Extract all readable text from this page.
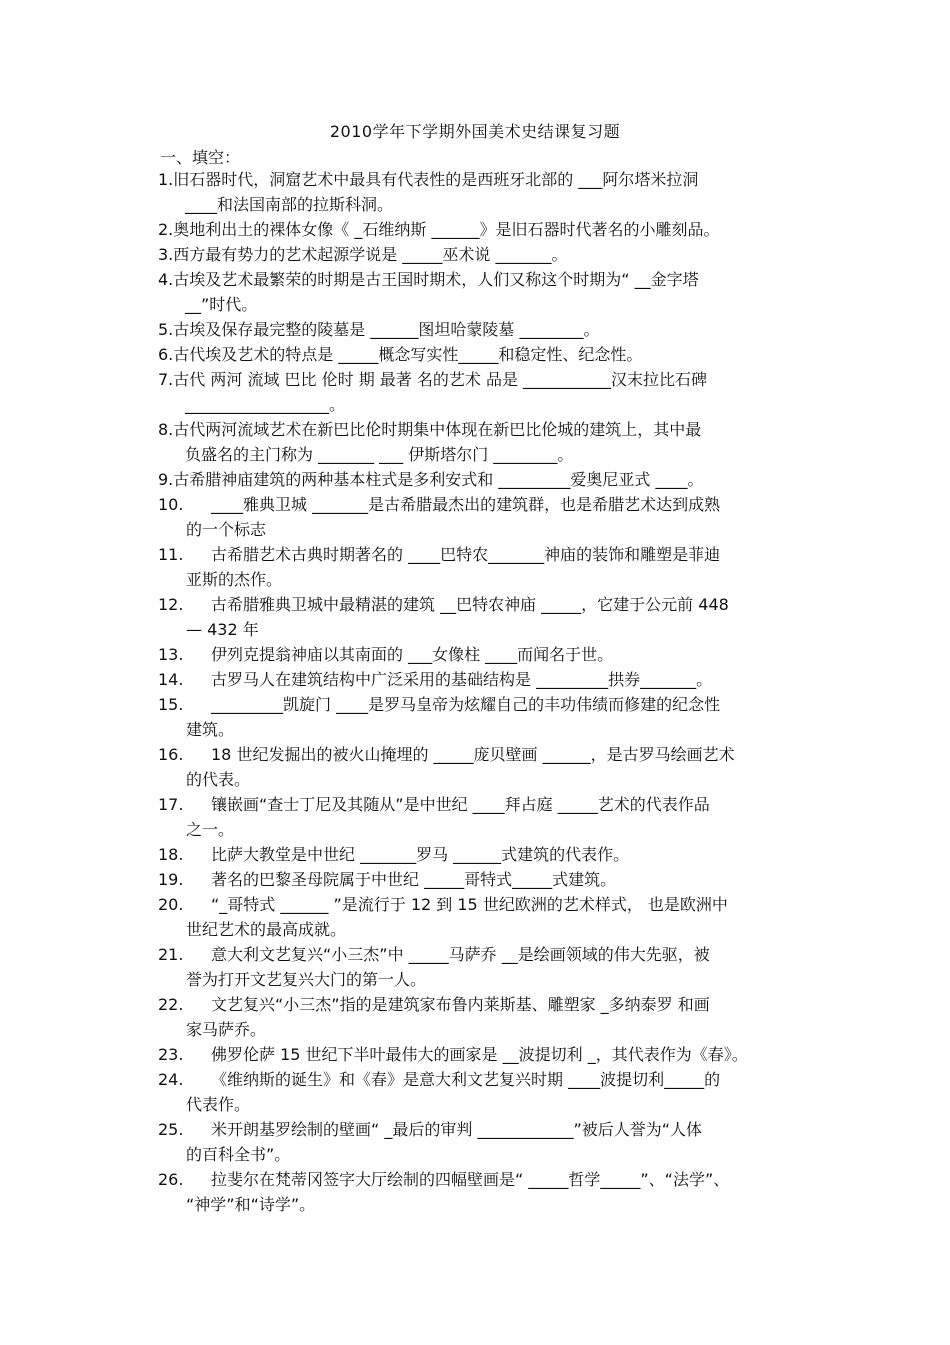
2010学年下学期外国美术史结课复习题
一、填空：
1.旧石器时代，洞窟艺术中最具有代表性的是西班牙北部的 ___阿尔塔米拉洞
____和法国南部的拉斯科洞。
2.奥地利出土的裸体女像《 _石维纳斯 ______》是旧石器时代著名的小雕刻品。
3.西方最有势力的艺术起源学说是 _____巫术说 _______。
4.古埃及艺术最繁荣的时期是古王国时期术，人们又称这个时期为“ __金字塔
__”时代。
5.古埃及保存最完整的陵墓是 ______图坦哈蒙陵墓 ________。
6.古代埃及艺术的特点是 _____概念写实性_____和稳定性、纪念性。
7.古代 两河 流域 巴比 伦时 期 最著 名的艺术 品是 ___________汉末拉比石碑
__________________。
8.古代两河流域艺术在新巴比伦时期集中体现在新巴比伦城的建筑上，其中最
负盛名的主门称为 _______ ___ 伊斯塔尔门 ________。
9.古希腊神庙建筑的两种基本柱式是多利安式和 _________爱奥尼亚式 ____。
10. ____雅典卫城 _______是古希腊最杰出的建筑群，也是希腊艺术达到成熟
的一个标志
11. 古希腊艺术古典时期著名的 ____巴特农_______神庙的装饰和雕塑是菲迪
亚斯的杰作。
12. 古希腊雅典卫城中最精湛的建筑 __巴特农神庙 _____，它建于公元前 448
— 432 年
13. 伊列克提翁神庙以其南面的 ___女像柱 ____而闻名于世。
14. 古罗马人在建筑结构中广泛采用的基础结构是 _________拱券_______。
15. _________凯旋门 ____是罗马皇帝为炫耀自己的丰功伟绩而修建的纪念性
建筑。
16. 18 世纪发掘出的被火山掩埋的 _____庞贝壁画 ______，是古罗马绘画艺术
的代表。
17. 镶嵌画“查士丁尼及其随从”是中世纪 ____拜占庭 _____艺术的代表作品
之一。
18. 比萨大教堂是中世纪 _______罗马 ______式建筑的代表作。
19. 著名的巴黎圣母院属于中世纪 _____哥特式_____式建筑。
20. “_哥特式 ______ ”是流行于 12 到 15 世纪欧洲的艺术样式， 也是欧洲中
世纪艺术的最高成就。
21. 意大利文艺复兴“小三杰”中 _____马萨乔 __是绘画领域的伟大先驱，被
誉为打开文艺复兴大门的第一人。
22. 文艺复兴“小三杰”指的是建筑家布鲁内莱斯基、雕塑家 _多纳泰罗 和画
家马萨乔。
23. 佛罗伦萨 15 世纪下半叶最伟大的画家是 __波提切利 _，其代表作为《春》。
24. 《维纳斯的诞生》和《春》是意大利文艺复兴时期 ____波提切利_____的
代表作。
25. 米开朗基罗绘制的壁画“ _最后的审判 ____________”被后人誉为“人体
的百科全书”。
26. 拉斐尔在梵蒂冈签字大厅绘制的四幅壁画是“ _____哲学_____”、“法学”、
“神学”和“诗学”。
